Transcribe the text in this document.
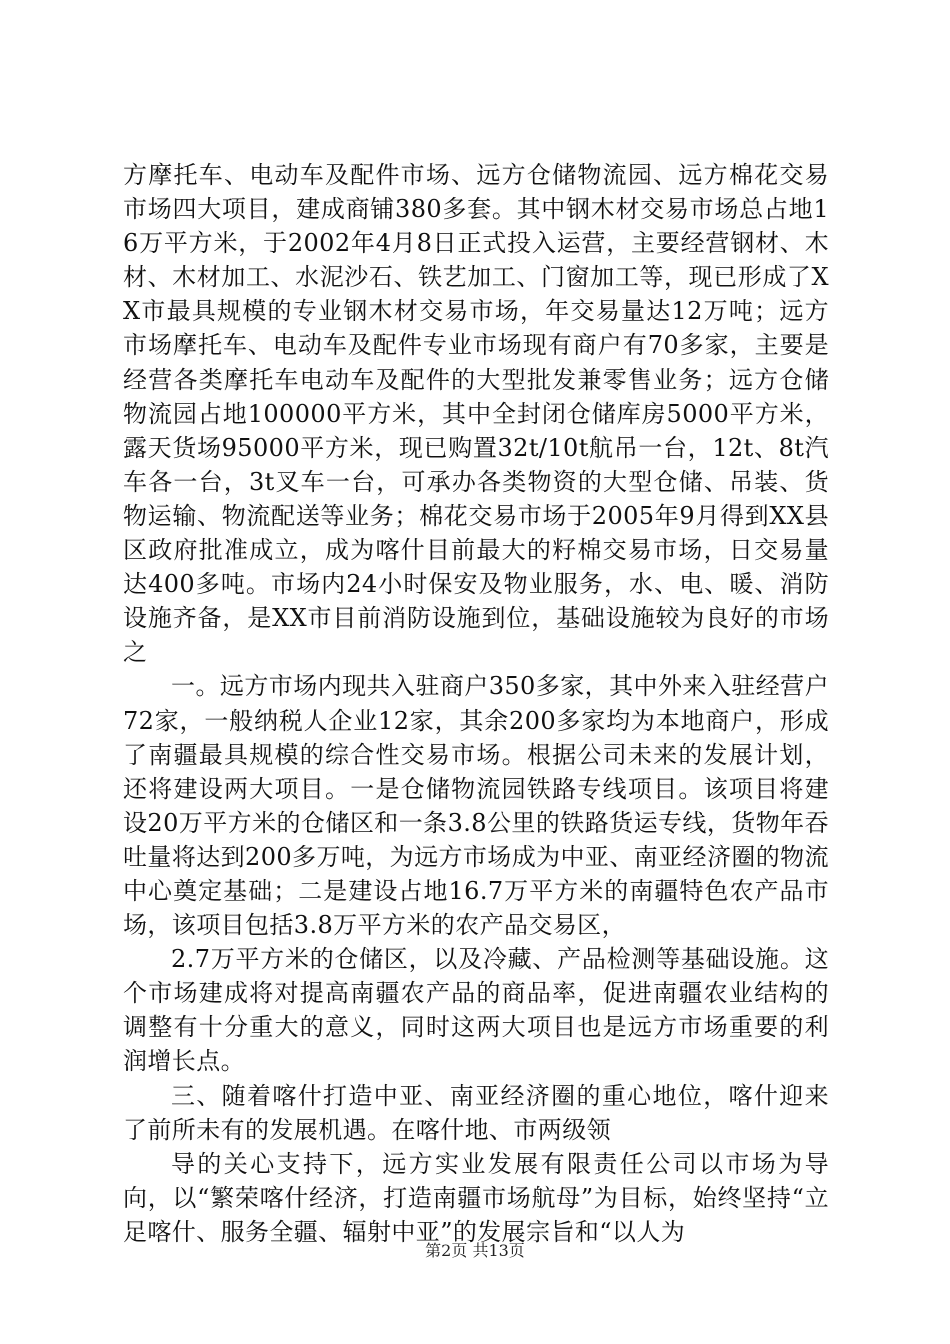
方摩托车、电动车及配件市场、远方仓储物流园、远方棉花交易市场四大项目，建成商铺380多套。其中钢木材交易市场总占地16万平方米，于2002年4月8日正式投入运营，主要经营钢材、木材、木材加工、水泥沙石、铁艺加工、门窗加工等，现已形成了XX市最具规模的专业钢木材交易市场，年交易量达12万吨；远方市场摩托车、电动车及配件专业市场现有商户有70多家，主要是经营各类摩托车电动车及配件的大型批发兼零售业务；远方仓储物流园占地100000平方米，其中全封闭仓储库房5000平方米，露天货场95000平方米，现已购置32t/10t航吊一台，12t、8t汽车各一台，3t叉车一台，可承办各类物资的大型仓储、吊装、货物运输、物流配送等业务；棉花交易市场于2005年9月得到XX县区政府批准成立，成为喀什目前最大的籽棉交易市场，日交易量达400多吨。市场内24小时保安及物业服务，水、电、暖、消防设施齐备，是XX市目前消防设施到位，基础设施较为良好的市场之

一。远方市场内现共入驻商户350多家，其中外来入驻经营户72家，一般纳税人企业12家，其余200多家均为本地商户，形成了南疆最具规模的综合性交易市场。根据公司未来的发展计划，还将建设两大项目。一是仓储物流园铁路专线项目。该项目将建设20万平方米的仓储区和一条3.8公里的铁路货运专线，货物年吞吐量将达到200多万吨，为远方市场成为中亚、南亚经济圈的物流中心奠定基础；二是建设占地16.7万平方米的南疆特色农产品市场，该项目包括3.8万平方米的农产品交易区，

2.7万平方米的仓储区，以及冷藏、产品检测等基础设施。这个市场建成将对提高南疆农产品的商品率，促进南疆农业结构的调整有十分重大的意义，同时这两大项目也是远方市场重要的利润增长点。

三、随着喀什打造中亚、南亚经济圈的重心地位，喀什迎来了前所未有的发展机遇。在喀什地、市两级领

导的关心支持下，远方实业发展有限责任公司以市场为导向，以“繁荣喀什经济，打造南疆市场航母”为目标，始终坚持“立足喀什、服务全疆、辐射中亚”的发展宗旨和“以人为

第2页 共13页
